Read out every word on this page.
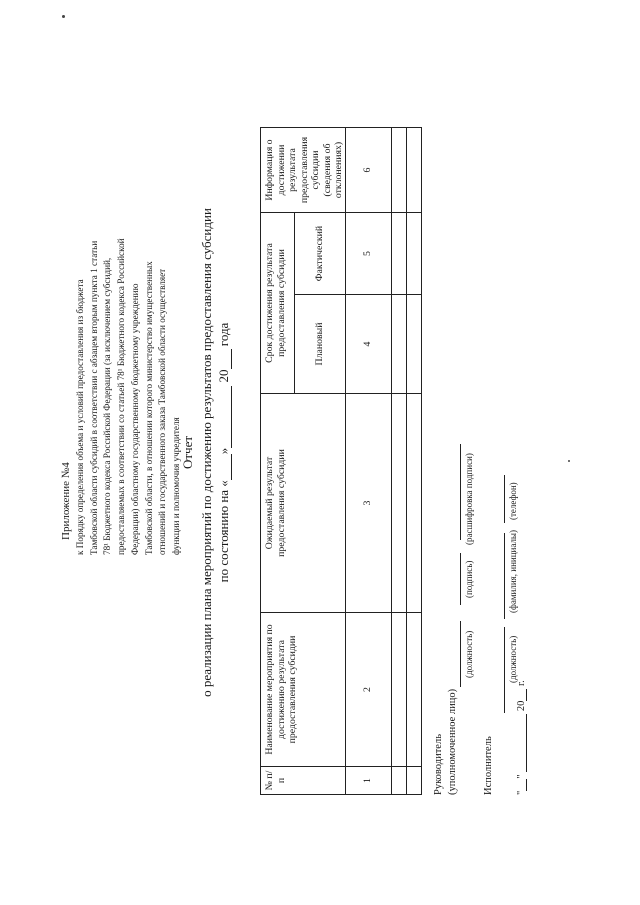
Приложение №4 к Порядку определения объема и условий предоставления из бюджета Тамбовской области субсидий в соответствии с абзацем вторым пункта 1 статьи 78¹ Бюджетного кодекса Российской Федерации (за исключением субсидий, предоставляемых в соответствии со статьей 78¹ Бюджетного кодекса Российской Федерации) областному государственному бюджетному учреждению Тамбовской области, в отношении которого министерство имущественных отношений и государственного заказа Тамбовской области осуществляет функции и полномочия учредителя Отчет о реализации плана мероприятий по достижению результатов предоставления субсидии по состоянию на «» 20 года
№ п/п	Наименование мероприятия по достижению результата предоставления субсидии	Ожидаемый результат предоставления субсидии	Срок достижения результата предоставления субсидии		Информация о достижении результата предоставления субсидии (сведения об отклонениях)
			Плановый	Фактический	
1	2	3	4	5	6

Руководитель (уполномоченное лицо)
(должность)
(подпись)
(расшифровка подписи)
Исполнитель
(должность)
(фамилия, инициалы)
(телефон)
""  20 г.
